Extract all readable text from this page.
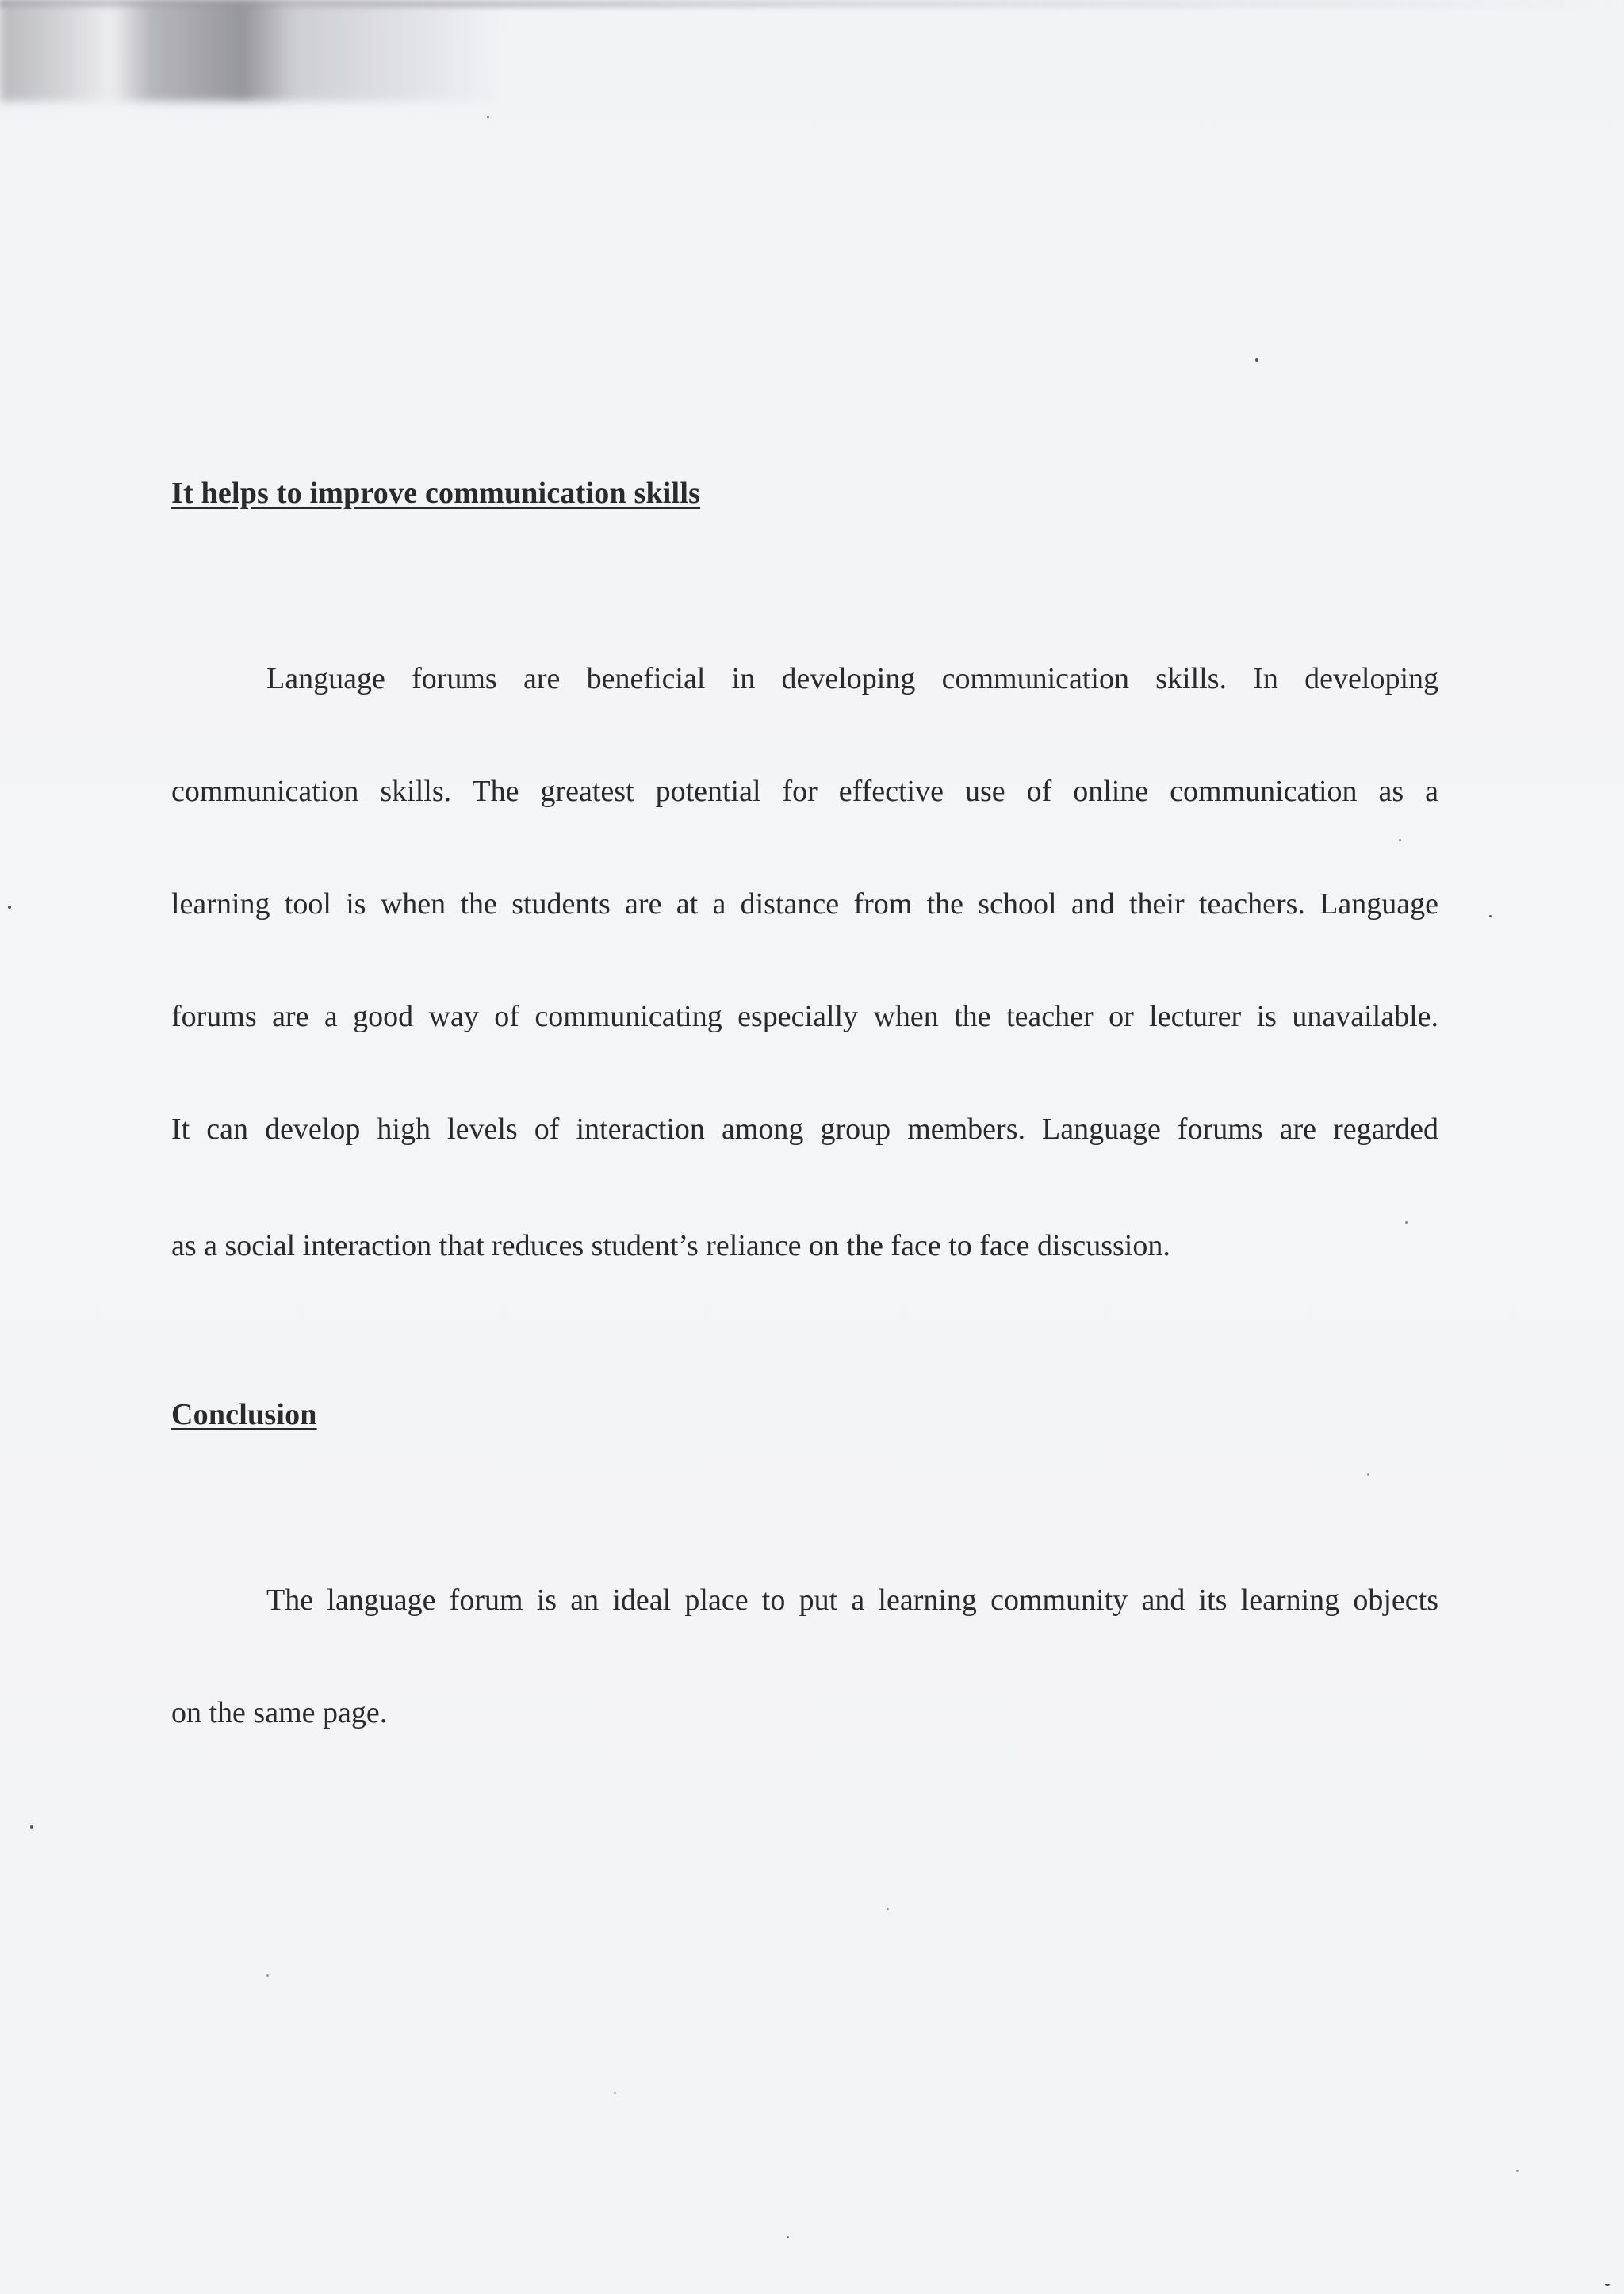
It helps to improve communication skills

Language forums are beneficial in developing communication skills. In developing

communication skills. The greatest potential for effective use of online communication as a

learning tool is when the students are at a distance from the school and their teachers. Language

forums are a good way of communicating especially when the teacher or lecturer is unavailable.

It can develop high levels of interaction among group members. Language forums are regarded

as a social interaction that reduces student’s reliance on the face to face discussion.

Conclusion

The language forum is an ideal place to put a learning community and its learning objects

on the same page.
